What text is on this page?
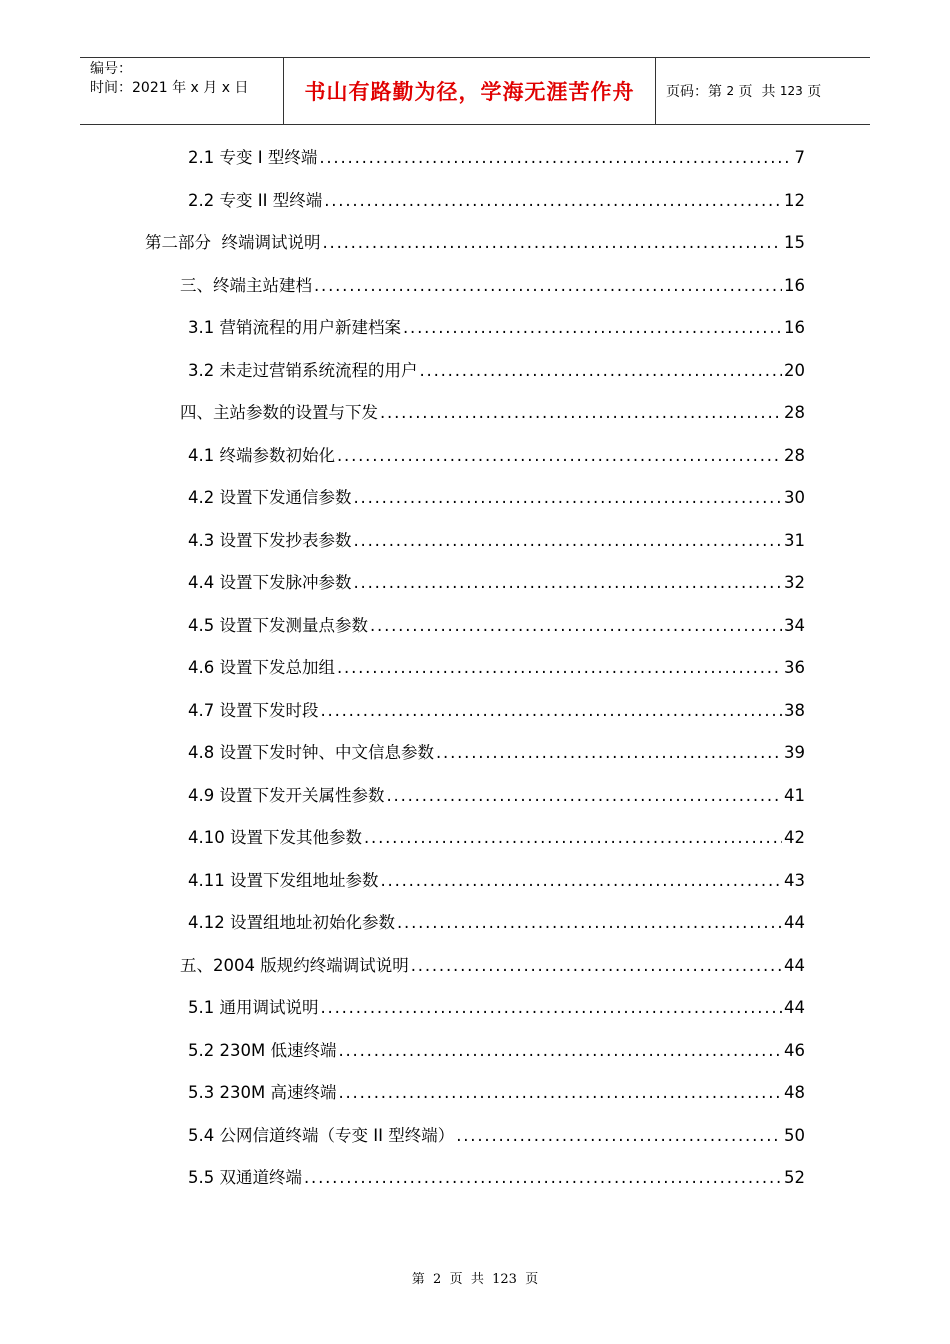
编号：
时间：2021 年 x 月 x 日	书山有路勤为径，学海无涯苦作舟	页码：第 2 页  共 123 页
2.1 专变 I 型终端 .....	7
2.2 专变 II 型终端 .....	12
第二部分  终端调试说明 .....	15
三、终端主站建档 .....	16
3.1 营销流程的用户新建档案 .....	16
3.2 未走过营销系统流程的用户 .....	20
四、主站参数的设置与下发 .....	28
4.1 终端参数初始化 .....	28
4.2 设置下发通信参数 .....	30
4.3 设置下发抄表参数 .....	31
4.4 设置下发脉冲参数 .....	32
4.5 设置下发测量点参数 .....	34
4.6 设置下发总加组 .....	36
4.7 设置下发时段 .....	38
4.8 设置下发时钟、中文信息参数 .....	39
4.9 设置下发开关属性参数 .....	41
4.10 设置下发其他参数 .....	42
4.11 设置下发组地址参数 .....	43
4.12 设置组地址初始化参数 .....	44
五、2004 版规约终端调试说明 .....	44
5.1 通用调试说明 .....	44
5.2 230M 低速终端 .....	46
5.3 230M 高速终端 .....	48
5.4 公网信道终端（专变 II 型终端） .....	50
5.5 双通道终端 .....	52
第  2  页  共  123  页
